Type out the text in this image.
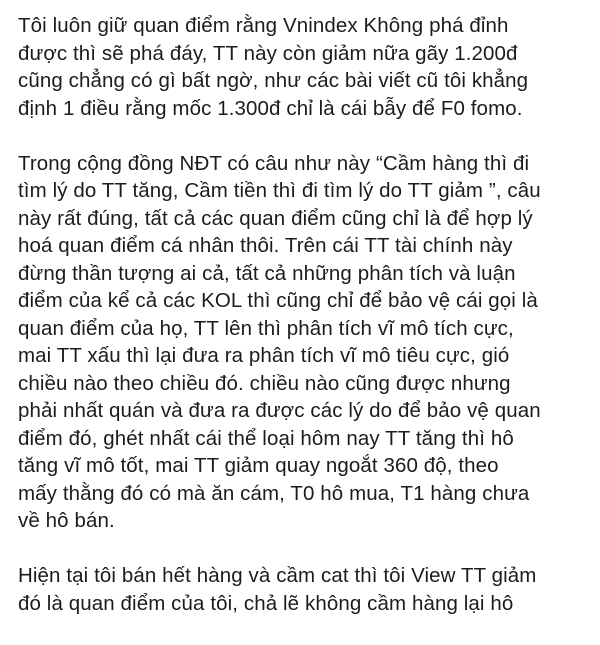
Tôi luôn giữ quan điểm rằng Vnindex Không phá đỉnh
được thì sẽ phá đáy, TT này còn giảm nữa gãy 1.200đ
cũng chẳng có gì bất ngờ, như các bài viết cũ tôi khẳng
định 1 điều rằng mốc 1.300đ chỉ là cái bẫy để F0 fomo.

Trong cộng đồng NĐT có câu như này “Cầm hàng thì đi
tìm lý do TT tăng, Cầm tiền thì đi tìm lý do TT giảm ”, câu
này rất đúng, tất cả các quan điểm cũng chỉ là để hợp lý
hoá quan điểm cá nhân thôi. Trên cái TT tài chính này
đừng thần tượng ai cả, tất cả những phân tích và luận
điểm của kể cả các KOL thì cũng chỉ để bảo vệ cái gọi là
quan điểm của họ, TT lên thì phân tích vĩ mô tích cực,
mai TT xấu thì lại đưa ra phân tích vĩ mô tiêu cực, gió
chiều nào theo chiều đó. chiều nào cũng được nhưng
phải nhất quán và đưa ra được các lý do để bảo vệ quan
điểm đó, ghét nhất cái thể loại hôm nay TT tăng thì hô
tăng vĩ mô tốt, mai TT giảm quay ngoắt 360 độ, theo
mấy thằng đó có mà ăn cám, T0 hô mua, T1 hàng chưa
về hô bán.

Hiện tại tôi bán hết hàng và cầm cat thì tôi View TT giảm
đó là quan điểm của tôi, chả lẽ không cầm hàng lại hô
